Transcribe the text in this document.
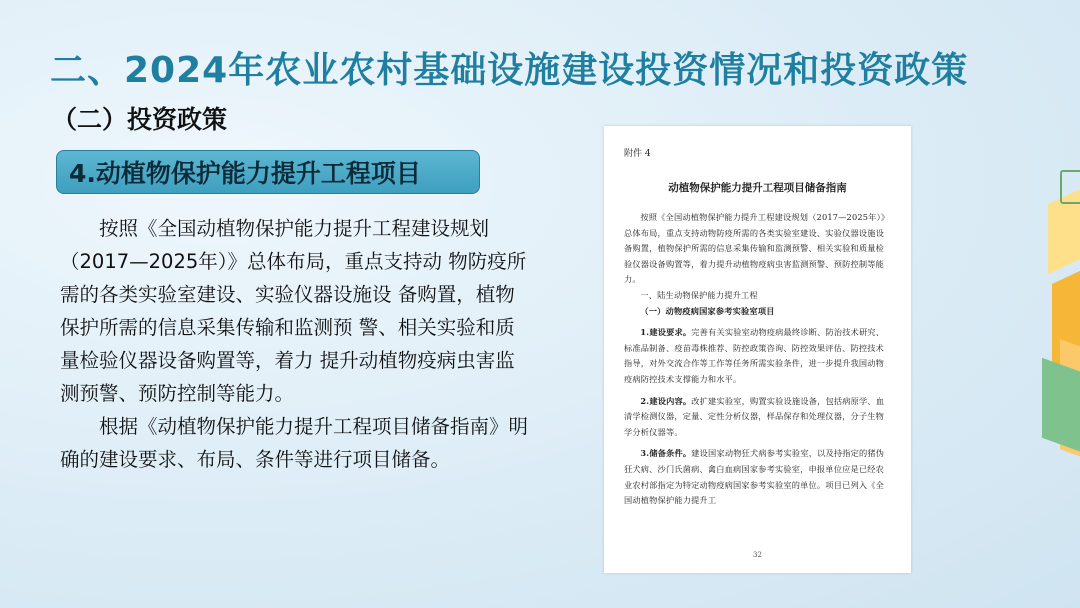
二、2024年农业农村基础设施建设投资情况和投资政策
（二）投资政策
4.动植物保护能力提升工程项目

按照《全国动植物保护能力提升工程建设规划（2017—2025年）》总体布局，重点支持动 物防疫所需的各类实验室建设、实验仪器设施设 备购置，植物保护所需的信息采集传输和监测预 警、相关实验和质量检验仪器设备购置等，着力 提升动植物疫病虫害监测预警、预防控制等能力。

根据《动植物保护能力提升工程项目储备指南》明确的建设要求、布局、条件等进行项目储备。

附件 4
动植物保护能力提升工程项目储备指南

按照《全国动植物保护能力提升工程建设规划（2017—2025年）》总体布局，重点支持动物防疫所需的各类实验室建设、实验仪器设施设备购置，植物保护所需的信息采集传输和监测预警、相关实验和质量检验仪器设备购置等，着力提升动植物疫病虫害监测预警、预防控制等能力。

一、陆生动物保护能力提升工程

（一）动物疫病国家参考实验室项目

1.建设要求。完善有关实验室动物疫病最终诊断、防治技术研究、标准品制备、疫苗毒株推荐、防控政策咨询、防控效果评估、防控技术指导，对外交流合作等工作等任务所需实验条件，进一步提升我国动物疫病防控技术支撑能力和水平。

2.建设内容。改扩建实验室，购置实验设施设备，包括病原学、血清学检测仪器，定量、定性分析仪器，样品保存和处理仪器，分子生物学分析仪器等。

3.储备条件。建设国家动物狂犬病参考实验室，以及持指定的猪伪狂犬病、沙门氏菌病、禽白血病国家参考实验室，申报单位应是已经农业农村部指定为特定动物疫病国家参考实验室的单位。项目已列入《全国动植物保护能力提升工

32
